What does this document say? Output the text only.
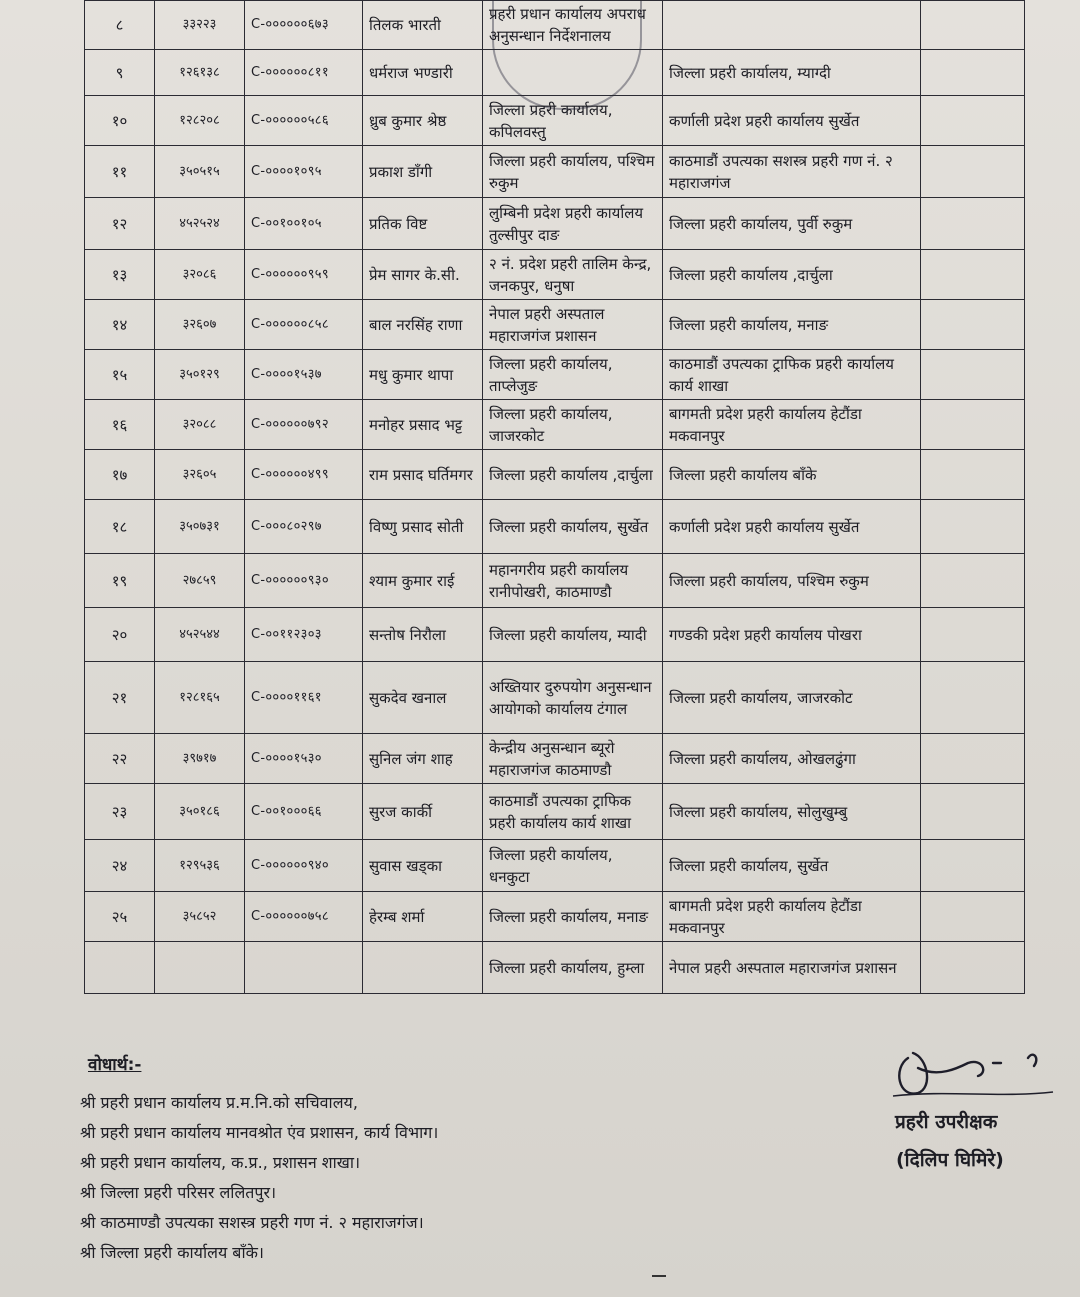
८	३३२२३	C-००००००६७३	तिलक भारती	प्रहरी प्रधान कार्यालय अपराध अनुसन्धान निर्देशनालय		
९	१२६१३८	C-००००००८११	धर्मराज भण्डारी		जिल्ला प्रहरी कार्यालय, म्याग्दी	
१०	१२८२०८	C-००००००५८६	ध्रुब कुमार श्रेष्ठ	जिल्ला प्रहरी कार्यालय, कपिलवस्तु	कर्णाली प्रदेश प्रहरी कार्यालय सुर्खेत	
११	३५०५१५	C-००००१०९५	प्रकाश डाँगी	जिल्ला प्रहरी कार्यालय, पश्चिम रुकुम	काठमाडौं उपत्यका सशस्त्र प्रहरी गण नं. २ महाराजगंज	
१२	४५२५२४	C-००१००१०५	प्रतिक विष्ट	लुम्बिनी प्रदेश प्रहरी कार्यालय तुल्सीपुर दाङ	जिल्ला प्रहरी कार्यालय, पुर्वी रुकुम	
१३	३२०८६	C-००००००९५९	प्रेम सागर के.सी.	२ नं. प्रदेश प्रहरी तालिम केन्द्र, जनकपुर, धनुषा	जिल्ला प्रहरी कार्यालय ,दार्चुला	
१४	३२६०७	C-००००००८५८	बाल नरसिंह राणा	नेपाल प्रहरी अस्पताल महाराजगंज प्रशासन	जिल्ला प्रहरी कार्यालय, मनाङ	
१५	३५०१२९	C-००००१५३७	मधु कुमार थापा	जिल्ला प्रहरी कार्यालय, ताप्लेजुङ	काठमाडौं उपत्यका ट्राफिक प्रहरी कार्यालय कार्य शाखा	
१६	३२०८८	C-००००००७९२	मनोहर प्रसाद भट्ट	जिल्ला प्रहरी कार्यालय, जाजरकोट	बागमती प्रदेश प्रहरी कार्यालय हेटौंडा मकवानपुर	
१७	३२६०५	C-००००००४९९	राम प्रसाद घर्तिमगर	जिल्ला प्रहरी कार्यालय ,दार्चुला	जिल्ला प्रहरी कार्यालय बाँके	
१८	३५०७३१	C-०००८०२९७	विष्णु प्रसाद सोती	जिल्ला प्रहरी कार्यालय, सुर्खेत	कर्णाली प्रदेश प्रहरी कार्यालय सुर्खेत	
१९	२७८५९	C-००००००९३०	श्याम कुमार राई	महानगरीय प्रहरी कार्यालय रानीपोखरी, काठमाण्डौ	जिल्ला प्रहरी कार्यालय, पश्चिम रुकुम	
२०	४५२५४४	C-००११२३०३	सन्तोष निरौला	जिल्ला प्रहरी कार्यालय, म्यादी	गण्डकी प्रदेश प्रहरी कार्यालय पोखरा	
२१	१२८१६५	C-००००११६१	सुकदेव खनाल	अख्तियार दुरुपयोग अनुसन्धान आयोगको कार्यालय टंगाल	जिल्ला प्रहरी कार्यालय, जाजरकोट	
२२	३९७१७	C-००००१५३०	सुनिल जंग शाह	केन्द्रीय अनुसन्धान ब्यूरो महाराजगंज काठमाण्डौ	जिल्ला प्रहरी कार्यालय, ओखलढुंगा	
२३	३५०१८६	C-००१०००६६	सुरज कार्की	काठमाडौं उपत्यका ट्राफिक प्रहरी कार्यालय कार्य शाखा	जिल्ला प्रहरी कार्यालय, सोलुखुम्बु	
२४	१२९५३६	C-००००००९४०	सुवास खड्का	जिल्ला प्रहरी कार्यालय, धनकुटा	जिल्ला प्रहरी कार्यालय, सुर्खेत	
२५	३५८५२	C-००००००७५८	हेरम्ब शर्मा	जिल्ला प्रहरी कार्यालय, मनाङ	बागमती प्रदेश प्रहरी कार्यालय हेटौंडा मकवानपुर	
				जिल्ला प्रहरी कार्यालय, हुम्ला	नेपाल प्रहरी अस्पताल महाराजगंज प्रशासन	
वोधार्थ:-
श्री प्रहरी प्रधान कार्यालय प्र.म.नि.को सचिवालय,
श्री प्रहरी प्रधान कार्यालय मानवश्रोत एंव प्रशासन, कार्य विभाग।
श्री प्रहरी प्रधान कार्यालय, क.प्र., प्रशासन शाखा।
श्री जिल्ला प्रहरी परिसर ललितपुर।
श्री काठमाण्डौ उपत्यका सशस्त्र प्रहरी गण नं. २ महाराजगंज।
श्री जिल्ला प्रहरी कार्यालय बाँके।
प्रहरी उपरीक्षक
(दिलिप घिमिरे)
